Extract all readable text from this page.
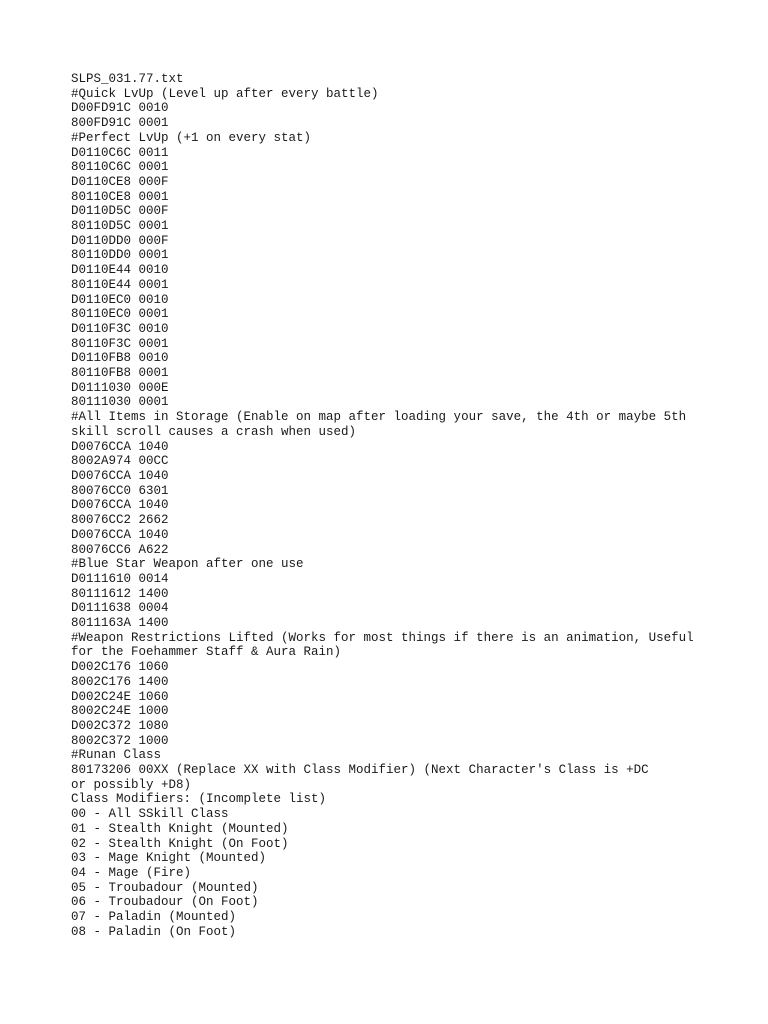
SLPS_031.77.txt
#Quick LvUp (Level up after every battle)
D00FD91C 0010
800FD91C 0001
#Perfect LvUp (+1 on every stat)
D0110C6C 0011
80110C6C 0001
D0110CE8 000F
80110CE8 0001
D0110D5C 000F
80110D5C 0001
D0110DD0 000F
80110DD0 0001
D0110E44 0010
80110E44 0001
D0110EC0 0010
80110EC0 0001
D0110F3C 0010
80110F3C 0001
D0110FB8 0010
80110FB8 0001
D0111030 000E
80111030 0001
#All Items in Storage (Enable on map after loading your save, the 4th or maybe 5th
skill scroll causes a crash when used)
D0076CCA 1040
8002A974 00CC
D0076CCA 1040
80076CC0 6301
D0076CCA 1040
80076CC2 2662
D0076CCA 1040
80076CC6 A622
#Blue Star Weapon after one use
D0111610 0014
80111612 1400
D0111638 0004
8011163A 1400
#Weapon Restrictions Lifted (Works for most things if there is an animation, Useful
for the Foehammer Staff & Aura Rain)
D002C176 1060
8002C176 1400
D002C24E 1060
8002C24E 1000
D002C372 1080
8002C372 1000
#Runan Class
80173206 00XX (Replace XX with Class Modifier) (Next Character's Class is +DC
or possibly +D8)
Class Modifiers: (Incomplete list)
00 - All SSkill Class
01 - Stealth Knight (Mounted)
02 - Stealth Knight (On Foot)
03 - Mage Knight (Mounted)
04 - Mage (Fire)
05 - Troubadour (Mounted)
06 - Troubadour (On Foot)
07 - Paladin (Mounted)
08 - Paladin (On Foot)
